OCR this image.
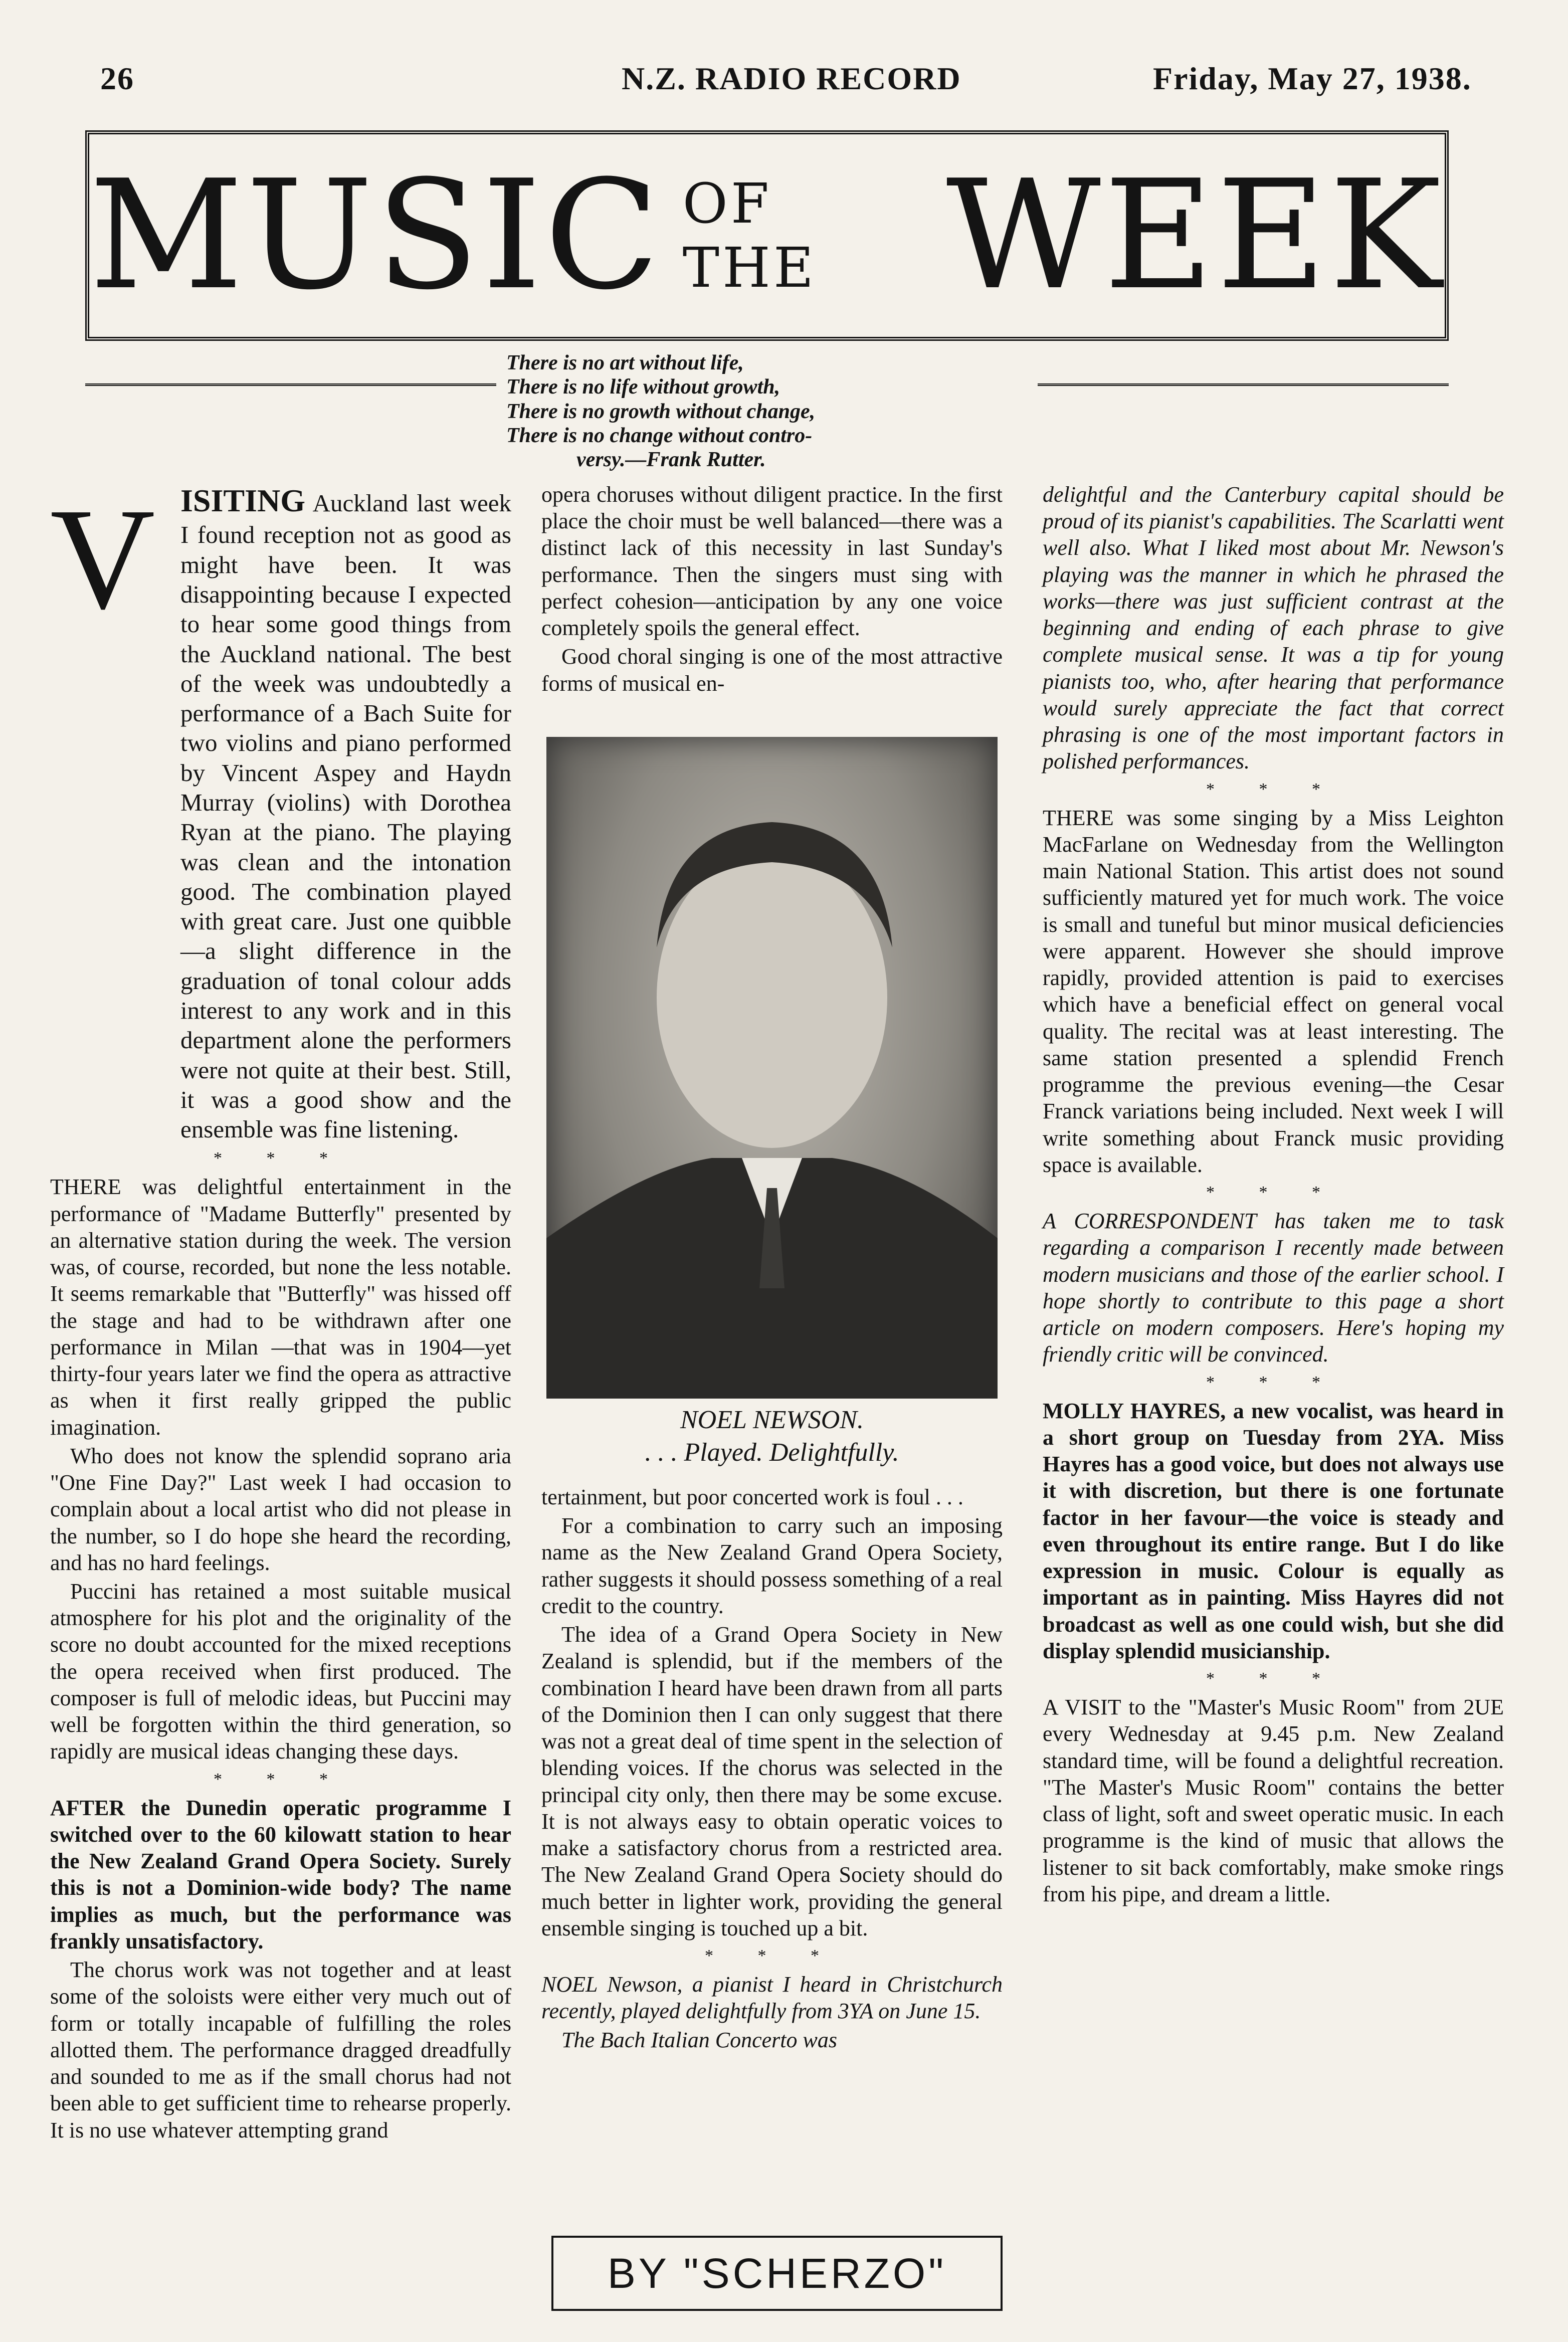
26	N.Z. RADIO RECORD	Friday, May 27, 1938.
MUSIC OF THE WEEK
There is no art without life,
There is no life without growth,
There is no growth without change,
There is no change without contro-
versy.—Frank Rutter.
V ISITING Auckland last week I found reception not as good as might have been. It was disappointing because I expected to hear some good things from the Auckland national. The best of the week was undoubtedly a performance of a Bach Suite for two violins and piano performed by Vincent Aspey and Haydn Murray (violins) with Dorothea Ryan at the piano. The playing was clean and the intonation good. The combination played with great care. Just one quibble—a slight difference in the graduation of tonal colour adds interest to any work and in this department alone the performers were not quite at their best. Still, it was a good show and the ensemble was fine listening.

* * *

THERE was delightful entertainment in the performance of "Madame Butterfly" presented by an alternative station during the week. The version was, of course, recorded, but none the less notable. It seems remarkable that "Butterfly" was hissed off the stage and had to be withdrawn after one performance in Milan —that was in 1904—yet thirty-four years later we find the opera as attractive as when it first really gripped the public imagination.

Who does not know the splendid soprano aria "One Fine Day?" Last week I had occasion to complain about a local artist who did not please in the number, so I do hope she heard the recording, and has no hard feelings.

Puccini has retained a most suitable musical atmosphere for his plot and the originality of the score no doubt accounted for the mixed receptions the opera received when first produced. The composer is full of melodic ideas, but Puccini may well be forgotten within the third generation, so rapidly are musical ideas changing these days.

* * *

AFTER the Dunedin operatic programme I switched over to the 60 kilowatt station to hear the New Zealand Grand Opera Society. Surely this is not a Dominion-wide body? The name implies as much, but the performance was frankly unsatisfactory.

The chorus work was not together and at least some of the soloists were either very much out of form or totally incapable of fulfilling the roles allotted them. The performance dragged dreadfully and sounded to me as if the small chorus had not been able to get sufficient time to rehearse properly. It is no use whatever attempting grand

opera choruses without diligent practice. In the first place the choir must be well balanced—there was a distinct lack of this necessity in last Sunday's performance. Then the singers must sing with perfect cohesion—anticipation by any one voice completely spoils the general effect.

Good choral singing is one of the most attractive forms of musical en-

NOEL NEWSON.
. . . Played. Delightfully.

tertainment, but poor concerted work is foul . . .

For a combination to carry such an imposing name as the New Zealand Grand Opera Society, rather suggests it should possess something of a real credit to the country.

The idea of a Grand Opera Society in New Zealand is splendid, but if the members of the combination I heard have been drawn from all parts of the Dominion then I can only suggest that there was not a great deal of time spent in the selection of blending voices. If the chorus was selected in the principal city only, then there may be some excuse. It is not always easy to obtain operatic voices to make a satisfactory chorus from a restricted area. The New Zealand Grand Opera Society should do much better in lighter work, providing the general ensemble singing is touched up a bit.

* * *

NOEL Newson, a pianist I heard in Christchurch recently, played delightfully from 3YA on June 15.

The Bach Italian Concerto was

BY "SCHERZO"

delightful and the Canterbury capital should be proud of its pianist's capabilities. The Scarlatti went well also. What I liked most about Mr. Newson's playing was the manner in which he phrased the works—there was just sufficient contrast at the beginning and ending of each phrase to give complete musical sense. It was a tip for young pianists too, who, after hearing that performance would surely appreciate the fact that correct phrasing is one of the most important factors in polished performances.

* * *

THERE was some singing by a Miss Leighton MacFarlane on Wednesday from the Wellington main National Station. This artist does not sound sufficiently matured yet for much work. The voice is small and tuneful but minor musical deficiencies were apparent. However she should improve rapidly, provided attention is paid to exercises which have a beneficial effect on general vocal quality. The recital was at least interesting. The same station presented a splendid French programme the previous evening—the Cesar Franck variations being included. Next week I will write something about Franck music providing space is available.

* * *

A CORRESPONDENT has taken me to task regarding a comparison I recently made between modern musicians and those of the earlier school. I hope shortly to contribute to this page a short article on modern composers. Here's hoping my friendly critic will be convinced.

* * *

MOLLY HAYRES, a new vocalist, was heard in a short group on Tuesday from 2YA. Miss Hayres has a good voice, but does not always use it with discretion, but there is one fortunate factor in her favour—the voice is steady and even throughout its entire range. But I do like expression in music. Colour is equally as important as in painting. Miss Hayres did not broadcast as well as one could wish, but she did display splendid musicianship.

* * *

A VISIT to the "Master's Music Room" from 2UE every Wednesday at 9.45 p.m. New Zealand standard time, will be found a delightful recreation. "The Master's Music Room" contains the better class of light, soft and sweet operatic music. In each programme is the kind of music that allows the listener to sit back comfortably, make smoke rings from his pipe, and dream a little.
